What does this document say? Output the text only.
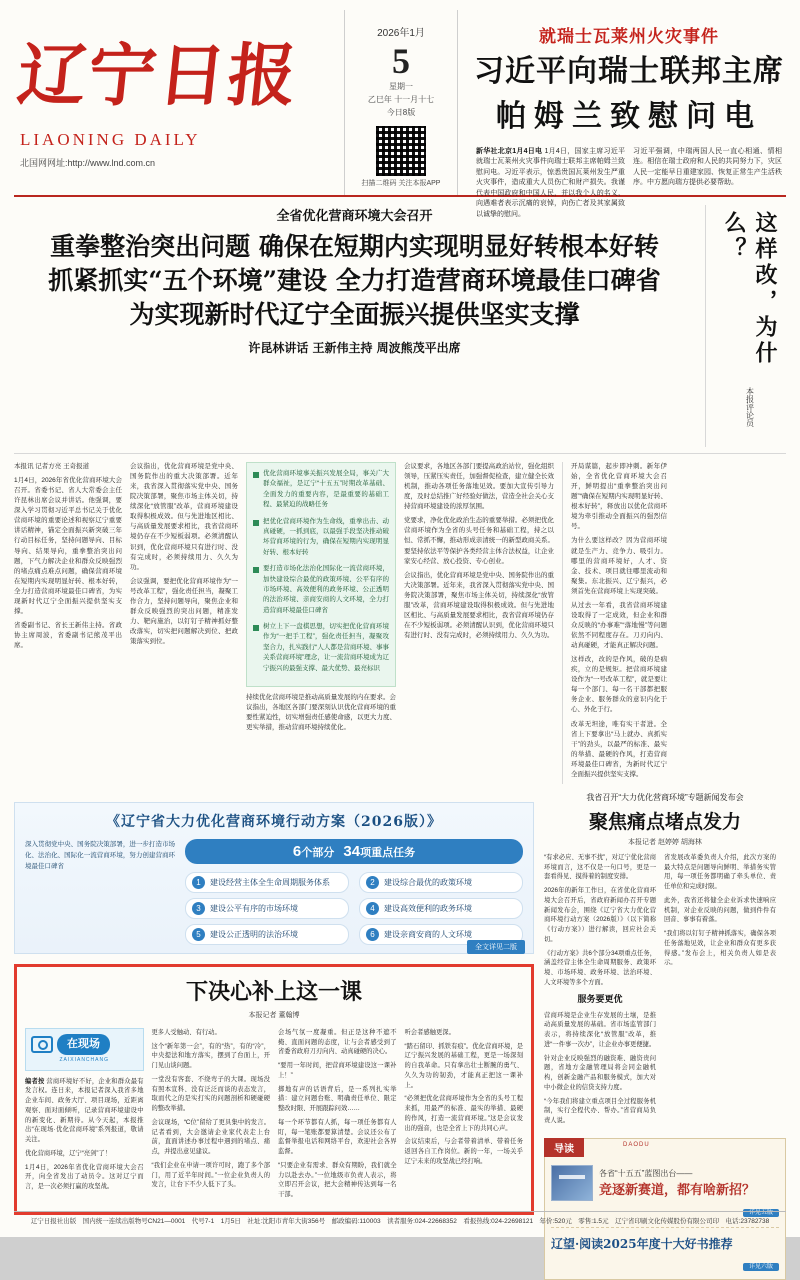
辽宁日报
LIAONING DAILY
北国网网址:http://www.lnd.com.cn
2026年1月
5
星期一
乙巳年 十一月十七
今日8版
扫描二维码 关注本报APP
就瑞士瓦莱州火灾事件
习近平向瑞士联邦主席
帕姆兰致慰问电

新华社北京1月4日电 1月4日，国家主席习近平就瑞士瓦莱州火灾事件向瑞士联邦主席帕姆兰致慰问电。习近平表示，惊悉贵国瓦莱州发生严重火灾事件，造成重大人员伤亡和财产损失。我谨代表中国政府和中国人民，并以我个人的名义，向遇难者表示沉痛的哀悼，向伤亡者及其家属致以诚挚的慰问。

习近平强调，中瑞两国人民一直心相通、情相连。相信在瑞士政府和人民的共同努力下，灾区人民一定能早日重建家园、恢复正常生产生活秩序。中方愿向瑞方提供必要帮助。

全省优化营商环境大会召开
重拳整治突出问题 确保在短期内实现明显好转根本好转
抓紧抓实“五个环境”建设 全力打造营商环境最佳口碑省
为实现新时代辽宁全面振兴提供坚实支撑
许昆林讲话 王新伟主持 周波熊茂平出席	这样改，为什么？
本报评论员

本报讯 记者方亮 王奇报道

1月4日，2026年省优化营商环境大会召开。省委书记、省人大常委会主任许昆林出席会议并讲话。他强调，要深入学习贯彻习近平总书记关于优化营商环境的重要论述和视察辽宁重要讲话精神，锚定全面振兴新突破三年行动目标任务，坚持问题导向、目标导向、结果导向，重拳整治突出问题，下气力解决企业和群众反映强烈的堵点痛点难点问题，确保营商环境在短期内实现明显好转、根本好转，全力打造营商环境最佳口碑省，为实现新时代辽宁全面振兴提供坚实支撑。

省委副书记、省长王新伟主持。省政协主席周波，省委副书记熊茂平出席。

会议指出，优化营商环境是党中央、国务院作出的重大决策部署。近年来，我省深入贯彻落实党中央、国务院决策部署，聚焦市场主体关切，持续深化“放管服”改革，营商环境建设取得积极成效。但与先进地区相比、与高质量发展要求相比，我省营商环境仍存在不少短板弱项。必须清醒认识到，优化营商环境只有进行时、没有完成时，必须持续用力、久久为功。

会议强调，要把优化营商环境作为“一号改革工程”，强化责任担当，凝聚工作合力，坚持问题导向，聚焦企业和群众反映强烈的突出问题，精准发力、靶向施治，以钉钉子精神抓好整改落实，切实把问题解决到位、把政策落实到位。

优化营商环境事关振兴发展全局，事关广大群众福祉，是辽宁“十五五”时期改革基础、全面发力的重要内容，是最重要的基础工程、最紧迫的战略任务
把优化营商环境作为生命线，重拳出击、动真碰硬，一抓到底，以最强手段坚决推动破坏营商环境的行为，确保在短期内实现明显好转、根本好转
要打造市场化法治化国际化一流营商环境，加快建设综合最优的政策环境、公平有序的市场环境、高效便利的政务环境、公正透明的法治环境、亲商安商的人文环境，全力打造营商环境最佳口碑省
树立上下一盘棋思想，切实把优化营商环境作为“一把手工程”，强化责任担当，凝聚攻坚合力，扎实践行“人人都是营商环境、事事关系营商环境”理念，让一流营商环境成为辽宁振兴的最强支撑、最大优势、最亮标识

持续优化营商环境是推动高质量发展的内在要求。会议指出，各地区各部门要深刻认识优化营商环境的重要性紧迫性，切实增强责任感使命感，以更大力度、更实举措，推动营商环境持续优化。

会议要求，各地区各部门要提高政治站位，强化组织领导，压紧压实责任，加强督促检查，建立健全长效机制，推动各项任务落地见效。要加大宣传引导力度，及时总结推广好经验好做法，营造全社会关心支持营商环境建设的浓厚氛围。

党要求，净化优化政治生态的重要举措。必须把优化营商环境作为全省的头号任务和基础工程，持之以恒、常抓不懈，推动形成亲清统一的新型政商关系。要坚持依法平等保护各类经营主体合法权益，让企业家安心经营、放心投资、专心创业。

会议指出，优化营商环境是党中央、国务院作出的重大决策部署。近年来，我省深入贯彻落实党中央、国务院决策部署，聚焦市场主体关切，持续深化“放管服”改革，营商环境建设取得积极成效。但与先进地区相比、与高质量发展要求相比，我省营商环境仍存在不少短板弱项。必须清醒认识到，优化营商环境只有进行时、没有完成时，必须持续用力、久久为功。

开局谋篇，起步即冲刺。新年伊始，全省优化营商环境大会召开，鲜明提出“重拳整治突出问题”“确保在短期内实现明显好转、根本好转”，释放出以优化营商环境为牵引推动全面振兴的强烈信号。

为什么要这样改？因为营商环境就是生产力、竞争力、吸引力。哪里的营商环境好，人才、资金、技术、项目就往哪里流动和聚集。东北振兴、辽宁振兴，必须首先在营商环境上实现突破。

从过去一年看，我省营商环境建设取得了一定成效，但企业和群众反映的“办事难”“落地慢”等问题依然不同程度存在。刀刃向内、动真碰硬，才能真正解决问题。

这样改，改的是作风，破的是痼疾，立的是规矩。把营商环境建设作为“一号改革工程”，就是要让每一个部门、每一名干部都把服务企业、服务群众的意识内化于心、外化于行。

改革无坦途，唯有实干者进。全省上下要拿出“马上就办、真抓实干”的劲头，以最严的标准、最实的举措、最硬的作风，打造营商环境最佳口碑省，为新时代辽宁全面振兴提供坚实支撑。

《辽宁省大力优化营商环境行动方案（2026版）》
深入贯彻党中央、国务院决策部署，进一步打造市场化、法治化、国际化一流营商环境，努力创建营商环境最佳口碑省
6个部分 34项重点任务
1	建设经营主体全生命周期服务体系	2	建设综合最优的政策环境
3	建设公平有序的市场环境	4	建设高效便利的政务环境
5	建设公正透明的法治环境	6	建设亲商安商的人文环境
全文详见二版
下决心补上这一课
本报记者 董翰博
在现场
ZAIXIANCHANG

编者按 营商环境好不好，企业和群众最有发言权。连日来，本报记者深入我省多地企业车间、政务大厅、项目现场，近距离观察、面对面倾听，记录营商环境建设中的新变化、新期待。从今天起，本报推出“在现场·优化营商环境”系列报道，敬请关注。

优化营商环境，辽宁“亮剑”了！

1月4日，2026年省优化营商环境大会召开，向全省发出了动员令。这对辽宁而言，是一次必须打赢的攻坚战。

更多人受触动、有行动。

这个“新年第一会”，有的“热”，有的“冷”，中央提法和地方落实，摆到了台面上，开门见山谈问题。

一堂没有客套、不绕弯子的大课。现场没有照本宣科、没有泛泛而谈的表态发言，取而代之的是实打实的问题剖析和硬碰硬的整改举措。

会议现场，“C位”留给了更具集中的发言。记者看到，大会邀请企业家代表走上台前，直面讲述办事过程中遇到的堵点、痛点，并提出意见建议。

“我们企业在申请一项许可时，跑了多个部门，用了近半年时间。”一位企业负责人的发言，让台下不少人低下了头。

会场气氛一度凝重。但正是这种不遮不掩、直面问题的态度，让与会者感受到了省委省政府刀刃向内、动真碰硬的决心。

“要用一年时间，把营商环境建设这一课补上！”

掷地有声的话语背后，是一系列扎实举措：建立问题台账、明确责任单位、限定整改时限、开展跟踪问效……

每一个环节都有人抓，每一项任务都有人盯，每一笔账都要算清楚。会议还公布了监督举报电话和网络平台，欢迎社会各界监督。

“只要企业有需求、群众有期盼，我们就全力以赴去办。”一位地级市负责人表示，将立即召开会议，把大会精神传达到每一名干部。

听会者感触更深。

“踏石留印、抓铁有痕”。优化营商环境，是辽宁振兴发展的基础工程，更是一场深刻的自我革命。只有拿出壮士断腕的勇气、久久为功的韧劲，才能真正把这一课补上。

“必须把优化营商环境作为全省的头号工程来抓，用最严的标准、最实的举措、最硬的作风，打造一流营商环境。”这是会议发出的强音，也是全省上下的共同心声。

会议结束后，与会者带着清单、带着任务返回各自工作岗位。新的一年，一场关乎辽宁未来的攻坚战已经打响。

我省召开“大力优化营商环境”专题新闻发布会
聚焦痛点堵点发力
本报记者 赵婷婷 胡海林

“有求必应、无事不扰”，对辽宁优化营商环境而言，这不仅是一句口号，更是一套看得见、摸得着的制度安排。

2026年的新年工作日，在省优化营商环境大会召开后，省政府新闻办召开专题新闻发布会，围绕《辽宁省大力优化营商环境行动方案（2026版）》（以下简称《行动方案》）进行解读，回应社会关切。

《行动方案》共6个部分34项重点任务，涵盖经营主体全生命周期服务、政策环境、市场环境、政务环境、法治环境、人文环境等多个方面。

服务要更优

营商环境是企业生存发展的土壤，是推动高质量发展的基础。省市场监管部门表示，将持续深化“放管服”改革，推进“一件事一次办”，让企业办事更便捷。

针对企业反映强烈的融资难、融资贵问题，省地方金融管理局将会同金融机构，创新金融产品和服务模式，加大对中小微企业的信贷支持力度。

“今年我们将建立重点项目全过程服务机制，实行全程代办、帮办。”省营商局负责人说。

省发展改革委负责人介绍，此次方案的最大特点是问题导向鲜明、举措务实管用，每一项任务都明确了牵头单位、责任单位和完成时限。

此外，我省还将健全企业诉求快速响应机制，对企业反映的问题，做到件件有回音、事事有着落。

“我们将以钉钉子精神抓落实，确保各项任务落地见效，让企业和群众有更多获得感。”发布会上，相关负责人如是表示。

导读	DAODU
各省“十五五”蓝图出台——
竞逐新赛道，都有啥新招？
详见五版
辽望·阅读2025年度十大好书推荐
详见六版
辽宁日报社出版　国内统一连续出版物号CN21—0001　代号7-1　1月5日　社址:沈阳市青年大街356号　邮政编码:110003　读者服务:024-22668352　看报热线:024-22698121　年价:520元　零售:1.5元　辽宁省印刷文化传媒股份有限公司印　电话:23782738
